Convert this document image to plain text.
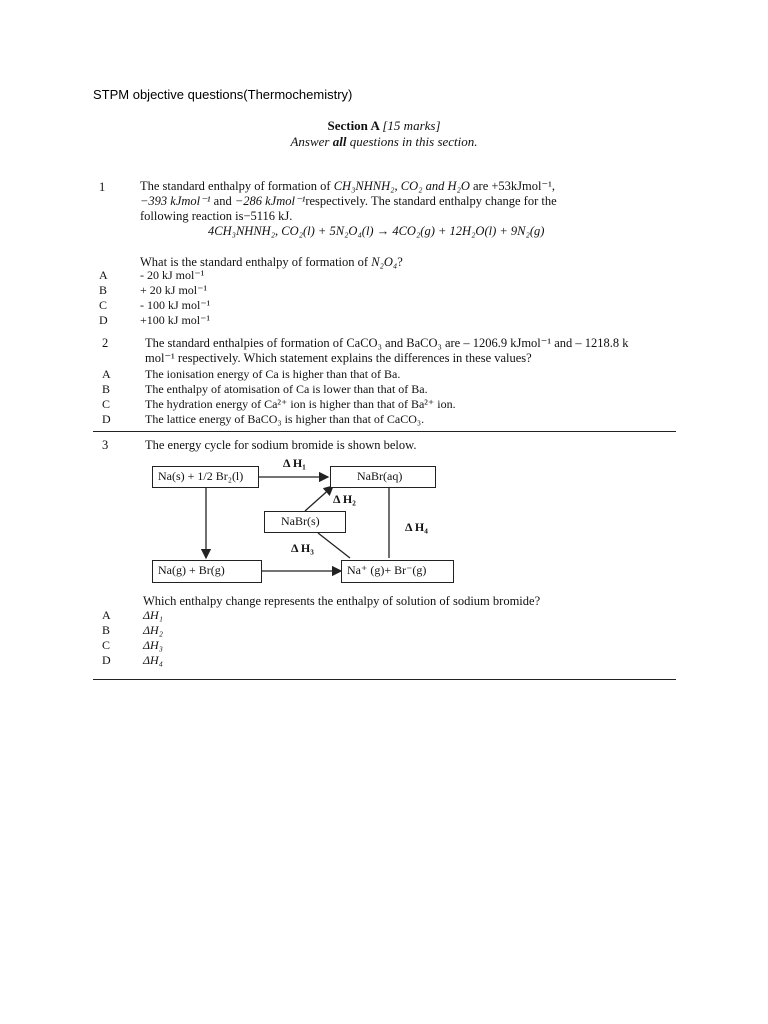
STPM objective questions(Thermochemistry)
Section A [15 marks]
Answer all questions in this section.
1	The standard enthalpy of formation of CH₃NHNH₂, CO₂ and H₂O are +53kJmol⁻¹,
−393 kJmol⁻¹ and −286 kJmol⁻¹respectively. The standard enthalpy change for the
following reaction is−5116 kJ.
4CH₃NHNH₂, CO₂(l) + 5N₂O₄(l) → 4CO₂(g) + 12H₂O(l) + 9N₂(g)
What is the standard enthalpy of formation of N₂O₄?
A	- 20 kJ mol⁻¹
B	+ 20 kJ mol⁻¹
C	- 100 kJ mol⁻¹
D	+100 kJ mol⁻¹
2	The standard enthalpies of formation of CaCO₃ and BaCO₃ are – 1206.9 kJmol⁻¹ and – 1218.8 k
mol⁻¹ respectively. Which statement explains the differences in these values?
A	The ionisation energy of Ca is higher than that of Ba.
B	The enthalpy of atomisation of Ca is lower than that of Ba.
C	The hydration energy of Ca²⁺ ion is higher than that of Ba²⁺ ion.
D	The lattice energy of BaCO₃ is higher than that of CaCO₃.
3	The energy cycle for sodium bromide is shown below.
Na(s) + 1/2 Br₂(l)	NaBr(aq)
NaBr(s)
Na(g) + Br(g)	Na⁺ (g)+ Br⁻(g)
Δ H₁
Δ H₂
Δ H₃
Δ H₄
Which enthalpy change represents the enthalpy of solution of sodium bromide?
A	ΔH₁
B	ΔH₂
C	ΔH₃
D	ΔH₄
